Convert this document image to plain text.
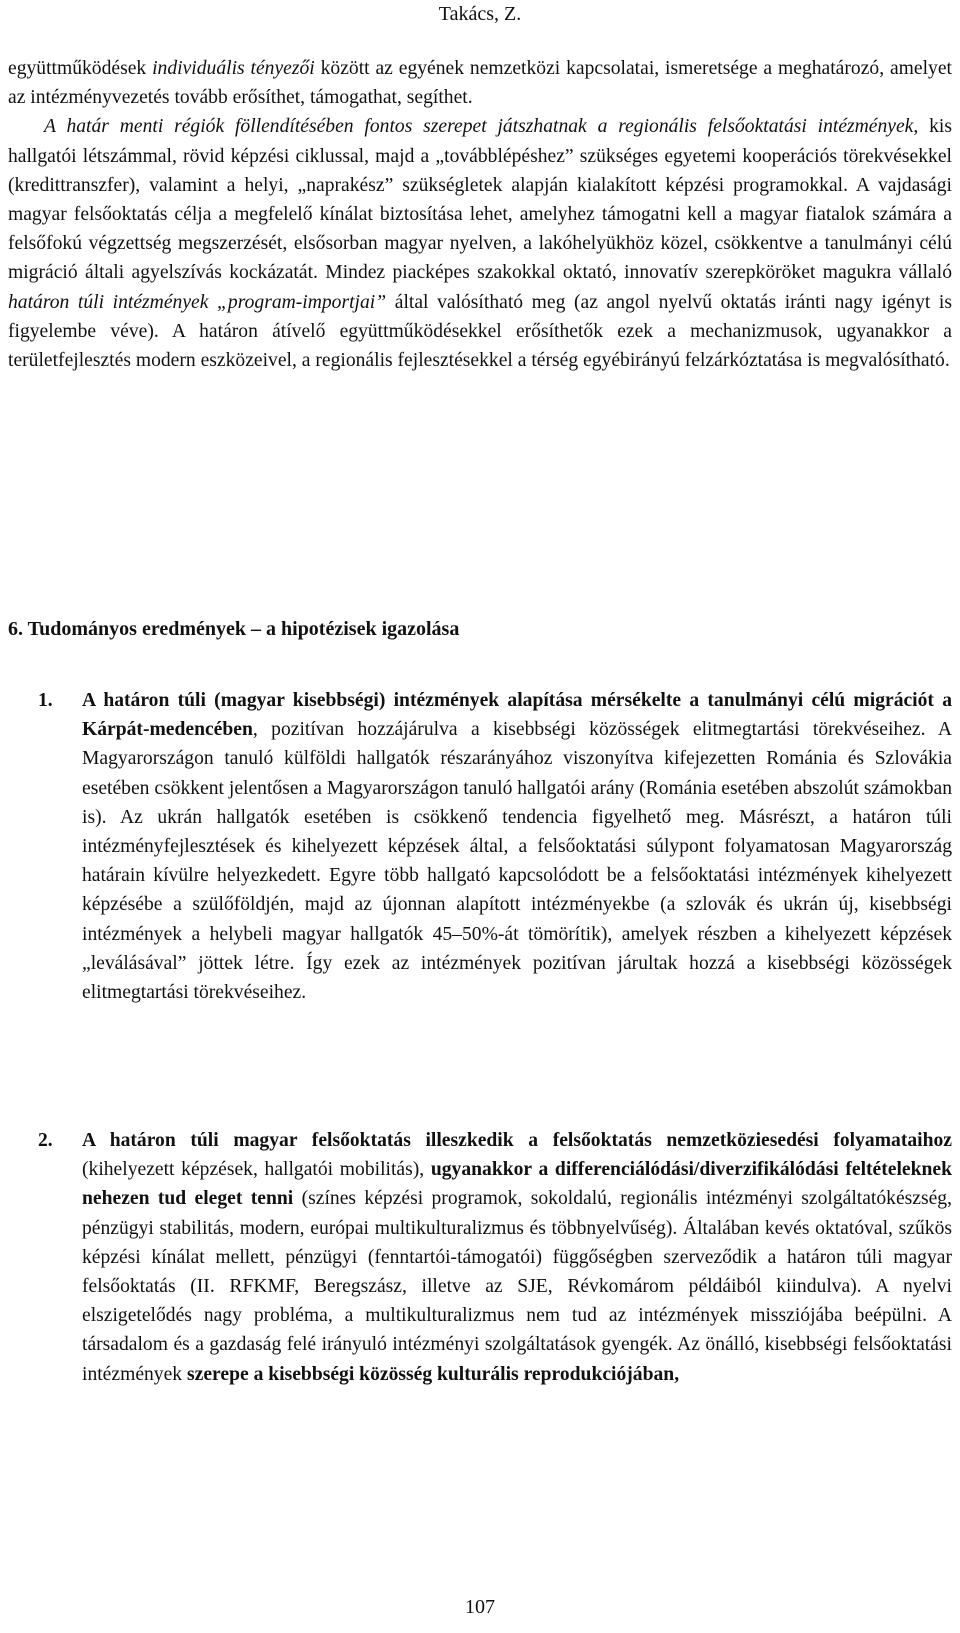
Takács, Z.

együttműködések individuális tényezői között az egyének nemzetközi kapcsolatai, ismeretsége a meghatározó, amelyet az intézményvezetés tovább erősíthet, támogathat, segíthet.

A határ menti régiók föllendítésében fontos szerepet játszhatnak a regionális felsőoktatási intézmények, kis hallgatói létszámmal, rövid képzési ciklussal, majd a „továbblépéshez” szükséges egyetemi kooperációs törekvésekkel (kredittranszfer), valamint a helyi, „naprakész” szükségletek alapján kialakított képzési programokkal. A vajdasági magyar felsőoktatás célja a megfelelő kínálat biztosítása lehet, amelyhez támogatni kell a magyar fiatalok számára a felsőfokú végzettség megszerzését, elsősorban magyar nyelven, a lakóhelyükhöz közel, csökkentve a tanulmányi célú migráció általi agyelszívás kockázatát. Mindez piacképes szakokkal oktató, innovatív szerepköröket magukra vállaló határon túli intézmények „program-importjai” által valósítható meg (az angol nyelvű oktatás iránti nagy igényt is figyelembe véve). A határon átívelő együttműködésekkel erősíthetők ezek a mechanizmusok, ugyanakkor a területfejlesztés modern eszközeivel, a regionális fejlesztésekkel a térség egyébirányú felzárkóztatása is megvalósítható.

6. Tudományos eredmények – a hipotézisek igazolása
1. A határon túli (magyar kisebbségi) intézmények alapítása mérsékelte a tanulmányi célú migrációt a Kárpát-medencében, pozitívan hozzájárulva a kisebbségi közösségek elitmegtartási törekvéseihez. A Magyarországon tanuló külföldi hallgatók részarányához viszonyítva kifejezetten Románia és Szlovákia esetében csökkent jelentősen a Magyarországon tanuló hallgatói arány (Románia esetében abszolút számokban is). Az ukrán hallgatók esetében is csökkenő tendencia figyelhető meg. Másrészt, a határon túli intézményfejlesztések és kihelyezett képzések által, a felsőoktatási súlypont folyamatosan Magyarország határain kívülre helyezkedett. Egyre több hallgató kapcsolódott be a felsőoktatási intézmények kihelyezett képzésébe a szülőföldjén, majd az újonnan alapított intézményekbe (a szlovák és ukrán új, kisebbségi intézmények a helybeli magyar hallgatók 45–50%-át tömörítik), amelyek részben a kihelyezett képzések „leválásával” jöttek létre. Így ezek az intézmények pozitívan járultak hozzá a kisebbségi közösségek elitmegtartási törekvéseihez.
2. A határon túli magyar felsőoktatás illeszkedik a felsőoktatás nemzetköziesedési folyamataihoz (kihelyezett képzések, hallgatói mobilitás), ugyanakkor a differenciálódási/diverzifikálódási feltételeknek nehezen tud eleget tenni (színes képzési programok, sokoldalú, regionális intézményi szolgáltatókészség, pénzügyi stabilitás, modern, európai multikulturalizmus és többnyelvűség). Általában kevés oktatóval, szűkös képzési kínálat mellett, pénzügyi (fenntartói-támogatói) függőségben szerveződik a határon túli magyar felsőoktatás (II. RFKMF, Beregszász, illetve az SJE, Révkomárom példáiból kiindulva). A nyelvi elszigetelődés nagy probléma, a multikulturalizmus nem tud az intézmények missziójába beépülni. A társadalom és a gazdaság felé irányuló intézményi szolgáltatások gyengék. Az önálló, kisebbségi felsőoktatási intézmények szerepe a kisebbségi közösség kulturális reprodukciójában,
107
